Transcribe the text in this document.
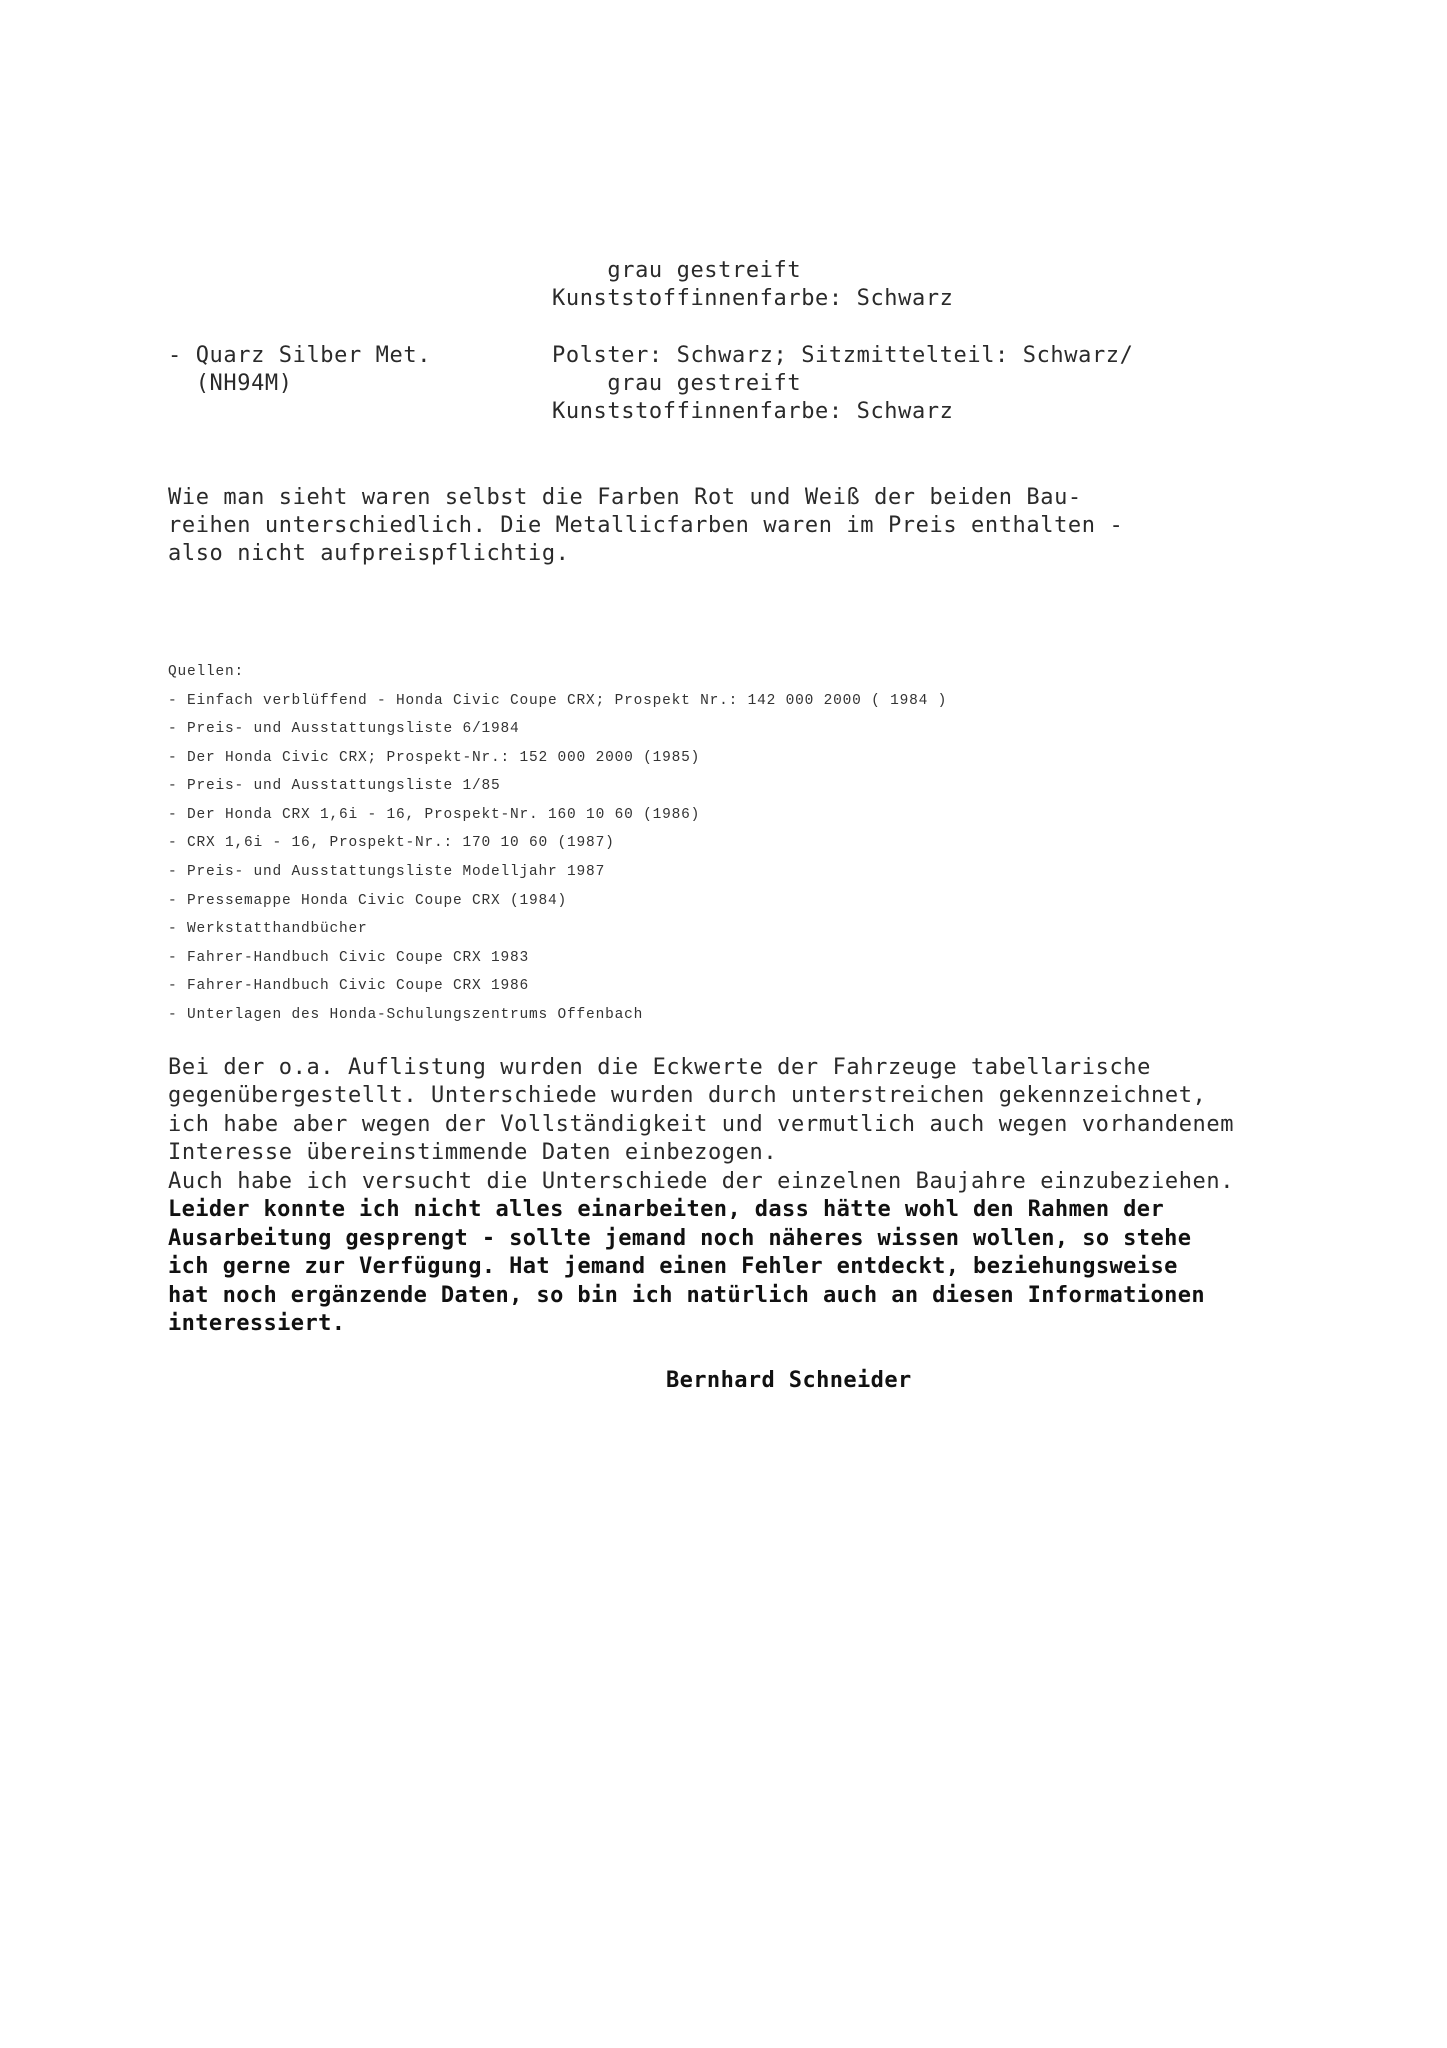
grau gestreift
Kunststoffinnenfarbe: Schwarz
- Quarz Silber Met.
(NH94M)
Polster: Schwarz; Sitzmittelteil: Schwarz/
grau gestreift
Kunststoffinnenfarbe: Schwarz
Wie man sieht waren selbst die Farben Rot und Weiß der beiden Bau-
reihen unterschiedlich. Die Metallicfarben waren im Preis enthalten -
also nicht aufpreispflichtig.
Quellen:
- Einfach verblüffend - Honda Civic Coupe CRX; Prospekt Nr.: 142 000 2000 ( 1984 )
- Preis- und Ausstattungsliste 6/1984
- Der Honda Civic CRX; Prospekt-Nr.: 152 000 2000 (1985)
- Preis- und Ausstattungsliste 1/85
- Der Honda CRX 1,6i - 16, Prospekt-Nr. 160 10 60 (1986)
- CRX 1,6i - 16, Prospekt-Nr.: 170 10 60 (1987)
- Preis- und Ausstattungsliste Modelljahr 1987
- Pressemappe Honda Civic Coupe CRX (1984)
- Werkstatthandbücher
- Fahrer-Handbuch Civic Coupe CRX 1983
- Fahrer-Handbuch Civic Coupe CRX 1986
- Unterlagen des Honda-Schulungszentrums Offenbach
Bei der o.a. Auflistung wurden die Eckwerte der Fahrzeuge tabellarische
gegenübergestellt. Unterschiede wurden durch unterstreichen gekennzeichnet,
ich habe aber wegen der Vollständigkeit und vermutlich auch wegen vorhandenem
Interesse übereinstimmende Daten einbezogen.
Auch habe ich versucht die Unterschiede der einzelnen Baujahre einzubeziehen.
Leider konnte ich nicht alles einarbeiten, dass hätte wohl den Rahmen der
Ausarbeitung gesprengt - sollte jemand noch näheres wissen wollen, so stehe
ich gerne zur Verfügung. Hat jemand einen Fehler entdeckt, beziehungsweise
hat noch ergänzende Daten, so bin ich natürlich auch an diesen Informationen
interessiert.
Bernhard Schneider
